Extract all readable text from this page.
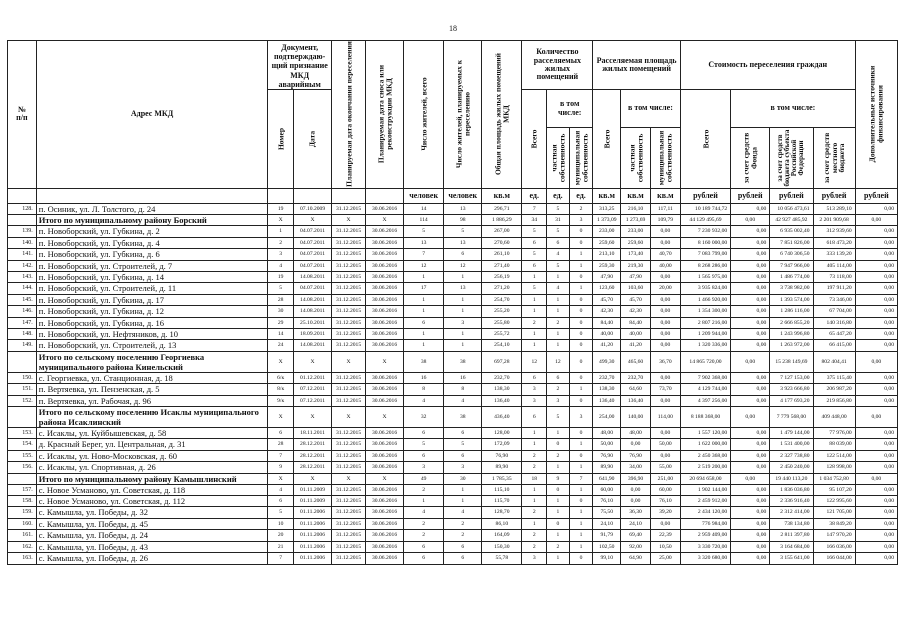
18
№
п/п	Адрес МКД	
Документ, подтверждаю-щий признание МКД аварийным	Планируемая дата окончания переселения	Планируемая дата сноса или реконструкции МКД	Число жителей, всего	Число жителей, планируемых к переселению	Общая площадь жилых помещений МКД
	Количество расселяемых жилых помещений	Расселяемая площадь жилых помещений	Стоимость переселения граждан	
Дополнительные источники финансирования

Номер	Дата
		Всего
	в том числе:	
Всего
	в том числе:	
Всего
	в том числе:

частная собственность	муниципальная собственность	частная собственность	муниципальная собственность	за счет средств Фонда	за счет средств бюджета субъекта Российской Федерации	за счет средств местного бюджета

						человек	человек	кв.м	ед.	ед.	ед.	кв.м	кв.м	кв.м	рублей	рублей	рублей	рублей	рублей
128.	п. Осиник, ул. Л. Толстого, д. 24	19	07.10.2009	31.12.2015	30.06.2016	14	13	296,71	7	5	2	313,25	216,10	117,11	10 189 744,72	0,00	10 056 473,61	513 289,10	0,00
	Итого по муниципальному району Борский	X	X	X	X	114	98	1 886,29	34	31	3	1 373,09	1 273,69	109,79	44 129 495,69	0,00	42 927 485,92	2 201 909,68	0,00
139.	п. Новоборский, ул. Губкина, д. 2	1	04.07.2011	31.12.2015	30.06.2016	5	5	267,00	5	5	0	233,00	233,00	0,00	7 230 932,00	0,00	6 935 002,40	312 939,60	0,00
140.	п. Новоборский, ул. Губкина, д. 4	2	04.07.2011	31.12.2015	30.06.2016	13	13	270,60	6	6	0	259,60	259,60	0,00	8 160 000,00	0,00	7 851 826,00	618 473,20	0,00
141.	п. Новоборский, ул. Губкина, д. 6	3	04.07.2011	31.12.2015	30.06.2016	7	6	261,10	5	4	1	213,10	173,40	40,70	7 083 799,00	0,00	6 740 306,50	333 139,20	0,00
142.	п. Новоборский, ул. Строителей, д. 7	4	04.07.2011	31.12.2015	30.06.2016	12	12	271,40	6	5	1	259,30	219,30	40,00	8 268 286,00	0,00	7 947 966,00	405 114,00	0,00
143.	п. Новоборский, ул. Губкина, д. 14	19	14.08.2011	31.12.2015	30.06.2016	1	1	256,19	1	1	0	47,90	47,90	0,00	1 565 975,00	0,00	1 486 774,00	73 118,00	0,00
144.	п. Новоборский, ул. Строителей, д. 11	5	04.07.2011	31.12.2015	30.06.2016	17	13	271,20	5	4	1	123,60	103,60	20,00	3 935 824,00	0,00	3 738 982,00	197 911,20	0,00
145.	п. Новоборский, ул. Губкина, д. 17	28	14.08.2011	31.12.2015	30.06.2016	1	1	254,70	1	1	0	45,70	45,70	0,00	1 466 920,00	0,00	1 393 574,00	73 346,00	0,00
146.	п. Новоборский, ул. Губкина, д. 12	30	14.08.2011	31.12.2015	30.06.2016	1	1	255,20	1	1	0	42,30	42,30	0,00	1 354 300,00	0,00	1 286 116,00	67 704,00	0,00
147.	п. Новоборский, ул. Губкина, д. 16	29	25.10.2011	31.12.2015	30.06.2016	6	3	255,80	2	2	0	84,40	84,40	0,00	2 807 216,00	0,00	2 666 855,20	140 316,80	0,00
148.	п. Новоборский, ул. Нефтяников, д. 10	14	18.09.2011	31.12.2015	30.06.2016	1	1	255,72	1	1	0	40,00	40,00	0,00	1 209 944,00	0,00	1 243 996,80	65 447,20	0,00
149.	п. Новоборский, ул. Строителей, д. 13	24	14.08.2011	31.12.2015	30.06.2016	1	1	254,10	1	1	0	41,20	41,20	0,00	1 320 336,00	0,00	1 263 972,00	66 415,00	0,00
	Итого по сельскому поселению Георгиевка муниципального района Кинельский	X	X	X	X	38	38	697,28	12	12	0	499,30	465,60	36,70	14 865 720,00	0,00	15 238 149,69	802 404,41	0,00
150.	с. Георгиевка, ул. Станционная, д. 18	6/к	01.12.2011	31.12.2015	30.06.2016	16	16	232,70	6	6	0	232,70	232,70	0,00	7 902 368,00	0,00	7 127 153,00	375 115,40	0,00
151.	п. Вертяевка, ул. Пензенская, д. 5	8/к	07.12.2011	31.12.2015	30.06.2016	8	8	138,30	3	2	1	138,30	64,60	73,70	4 129 744,00	0,00	3 923 666,80	206 987,20	0,00
152.	п. Вертяевка, ул. Рабочая, д. 96	9/к	07.12.2011	31.12.2015	30.06.2016	4	4	136,40	3	3	0	136,40	136,40	0,00	4 397 256,00	0,00	4 177 693,20	219 856,80	0,00
	Итого по сельскому поселению Исаклы муниципального района Исаклинский	X	X	X	X	32	38	436,40	6	5	3	254,00	140,00	114,00	8 188 368,00	0,00	7 779 568,00	409 448,00	0,00
153.	с. Исаклы, ул. Куйбышевская, д. 58	6	18.11.2011	31.12.2015	30.06.2016	6	6	128,00	1	1	0	48,00	48,00	0,00	1 557 120,00	0,00	1 479 144,00	77 976,00	0,00
154.	д. Красный Берег, ул. Центральная, д. 31	28	28.12.2011	31.12.2015	30.06.2016	5	5	172,09	1	0	1	50,00	0,00	50,00	1 622 000,00	0,00	1 531 400,00	88 039,00	0,00
155.	с. Исаклы, ул. Ново-Московская, д. 60	7	28.12.2011	31.12.2015	30.06.2016	6	6	76,90	2	2	0	76,90	76,90	0,00	2 450 368,00	0,00	2 327 738,80	122 514,00	0,00
156.	с. Исаклы, ул. Спортивная, д. 26	9	28.12.2011	31.12.2015	30.06.2016	3	3	89,90	2	1	1	89,90	34,00	55,00	2 519 200,00	0,00	2 450 240,00	128 998,00	0,00
	Итого по муниципальному району Камышлинский	X	X	X	X	49	30	1 785,35	18	9	7	641,90	396,90	251,00	20 694 658,00	0,00	19 440 113,20	1 034 752,80	0,00
157.	с. Новое Усманово, ул. Советская, д. 118	4	01.11.2009	31.12.2015	30.06.2016	2	1	115,10	1	0	1	60,00	0,00	60,00	1 902 144,00	0,00	1 836 036,80	95 107,20	0,00
158.	с. Новое Усманово, ул. Советская, д. 112	6	01.11.2009	31.12.2015	30.06.2016	1	1	115,70	1	1	0	76,10	0,00	76,10	2 459 912,00	0,00	2 336 916,40	122 995,60	0,00
159.	с. Камышла, ул. Победы, д. 32	5	01.11.2006	31.12.2015	30.06.2016	4	4	128,70	2	1	1	75,50	36,30	39,20	2 434 120,00	0,00	2 312 414,00	121 705,00	0,00
160.	с. Камышла, ул. Победы, д. 45	10	01.11.2006	31.12.2015	30.06.2016	2	2	86,10	1	0	1	24,10	24,10	0,00	776 984,00	0,00	738 134,80	38 849,20	0,00
161.	с. Камышла, ул. Победы, д. 24	20	01.11.2006	31.12.2015	30.06.2016	2	2	164,09	2	1	1	91,79	69,40	22,39	2 959 409,00	0,00	2 811 397,80	147 970,20	0,00
162.	с. Камышла, ул. Победы, д. 43	21	01.11.2006	31.12.2015	30.06.2016	6	6	150,30	2	2	1	102,50	92,00	10,50	3 330 720,00	0,00	3 164 684,00	166 036,00	0,00
163.	с. Камышла, ул. Победы, д. 26	7	01.11.2006	31.12.2015	30.06.2016	6	6	55,78	3	1	0	99,10	64,90	25,00	3 320 680,00	0,00	3 155 641,00	166 044,00	0,00
